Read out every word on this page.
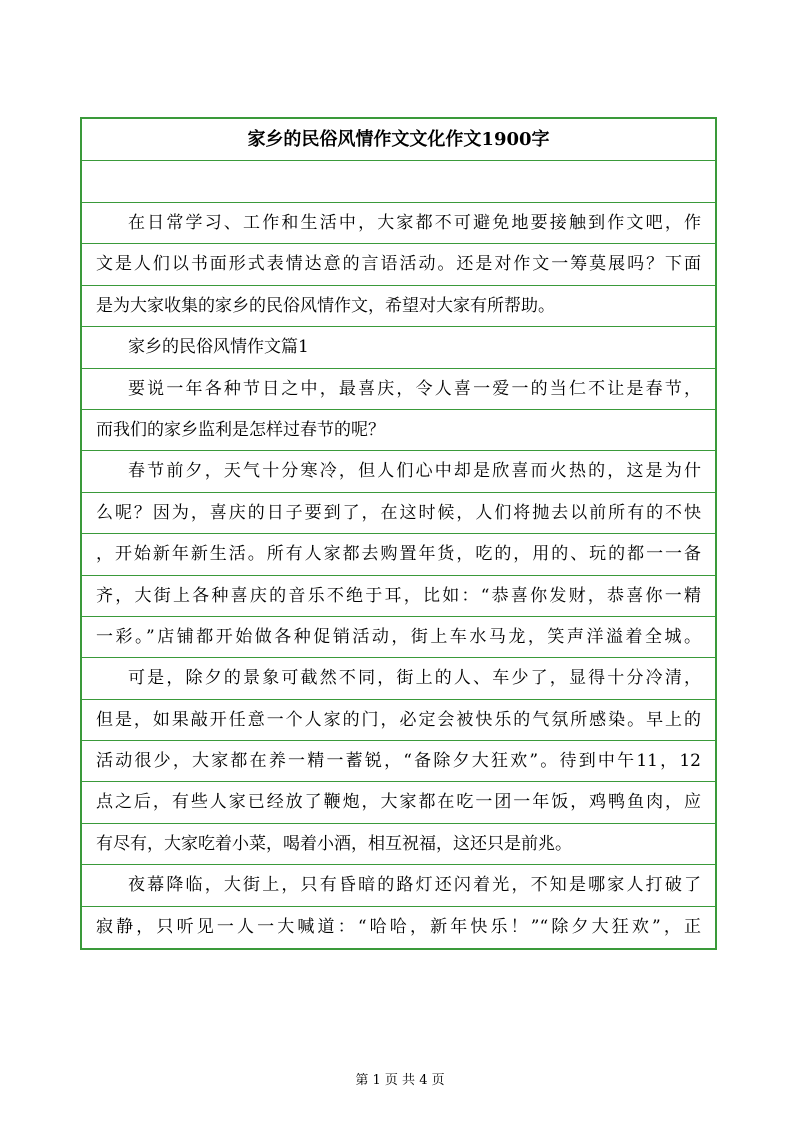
家乡的民俗风情作文文化作文1900字
在日常学习、工作和生活中，大家都不可避免地要接触到作文吧，作
文是人们以书面形式表情达意的言语活动。还是对作文一筹莫展吗？下面
是为大家收集的家乡的民俗风情作文，希望对大家有所帮助。
家乡的民俗风情作文篇1
要说一年各种节日之中，最喜庆，令人喜一爱一的当仁不让是春节，
而我们的家乡监利是怎样过春节的呢？
春节前夕，天气十分寒冷，但人们心中却是欣喜而火热的，这是为什
么呢？因为，喜庆的日子要到了，在这时候，人们将抛去以前所有的不快
，开始新年新生活。所有人家都去购置年货，吃的，用的、玩的都一一备
齐，大街上各种喜庆的音乐不绝于耳，比如：“恭喜你发财，恭喜你一精
一彩。”店铺都开始做各种促销活动，街上车水马龙，笑声洋溢着全城。
可是，除夕的景象可截然不同，街上的人、车少了，显得十分冷清，
但是，如果敲开任意一个人家的门，必定会被快乐的气氛所感染。早上的
活动很少，大家都在养一精一蓄锐，“备除夕大狂欢”。待到中午11，12
点之后，有些人家已经放了鞭炮，大家都在吃一团一年饭，鸡鸭鱼肉，应
有尽有，大家吃着小菜，喝着小酒，相互祝福，这还只是前兆。
夜幕降临，大街上，只有昏暗的路灯还闪着光，不知是哪家人打破了
寂静，只听见一人一大喊道：“哈哈，新年快乐！”“除夕大狂欢”，正
第 1 页 共 4 页
